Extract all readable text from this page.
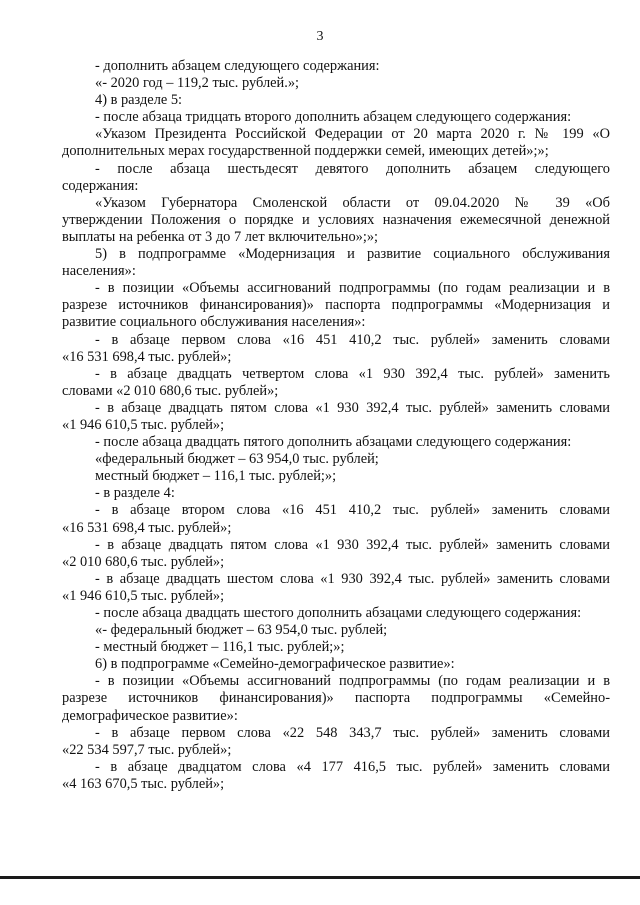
3
- дополнить абзацем следующего содержания:
«- 2020 год – 119,2 тыс. рублей.»;
4) в разделе 5:
- после абзаца тридцать второго дополнить абзацем следующего содержания:
«Указом Президента Российской Федерации от 20 марта 2020 г. № 199 «О
дополнительных мерах государственной поддержки семей, имеющих детей»;»;
- после абзаца шестьдесят девятого дополнить абзацем следующего
содержания:
«Указом Губернатора Смоленской области от 09.04.2020 № 39 «Об
утверждении Положения о порядке и условиях назначения ежемесячной денежной
выплаты на ребенка от 3 до 7 лет включительно»;»;
5) в подпрограмме «Модернизация и развитие социального обслуживания
населения»:
- в позиции «Объемы ассигнований подпрограммы (по годам реализации и в
разрезе источников финансирования)» паспорта подпрограммы «Модернизация и
развитие социального обслуживания населения»:
- в абзаце первом слова «16 451 410,2 тыс. рублей» заменить словами
«16 531 698,4 тыс. рублей»;
- в абзаце двадцать четвертом слова «1 930 392,4 тыс. рублей» заменить
словами «2 010 680,6 тыс. рублей»;
- в абзаце двадцать пятом слова «1 930 392,4 тыс. рублей» заменить словами
«1 946 610,5 тыс. рублей»;
- после абзаца двадцать пятого дополнить абзацами следующего содержания:
«федеральный бюджет – 63 954,0 тыс. рублей;
местный бюджет – 116,1 тыс. рублей;»;
- в разделе 4:
- в абзаце втором слова «16 451 410,2 тыс. рублей» заменить словами
«16 531 698,4 тыс. рублей»;
- в абзаце двадцать пятом слова «1 930 392,4 тыс. рублей» заменить словами
«2 010 680,6 тыс. рублей»;
- в абзаце двадцать шестом слова «1 930 392,4 тыс. рублей» заменить словами
«1 946 610,5 тыс. рублей»;
- после абзаца двадцать шестого дополнить абзацами следующего содержания:
«- федеральный бюджет – 63 954,0 тыс. рублей;
- местный бюджет – 116,1 тыс. рублей;»;
6) в подпрограмме «Семейно-демографическое развитие»:
- в позиции «Объемы ассигнований подпрограммы (по годам реализации и в
разрезе источников финансирования)» паспорта подпрограммы «Семейно-
демографическое развитие»:
- в абзаце первом слова «22 548 343,7 тыс. рублей» заменить словами
«22 534 597,7 тыс. рублей»;
- в абзаце двадцатом слова «4 177 416,5 тыс. рублей» заменить словами
«4 163 670,5 тыс. рублей»;
